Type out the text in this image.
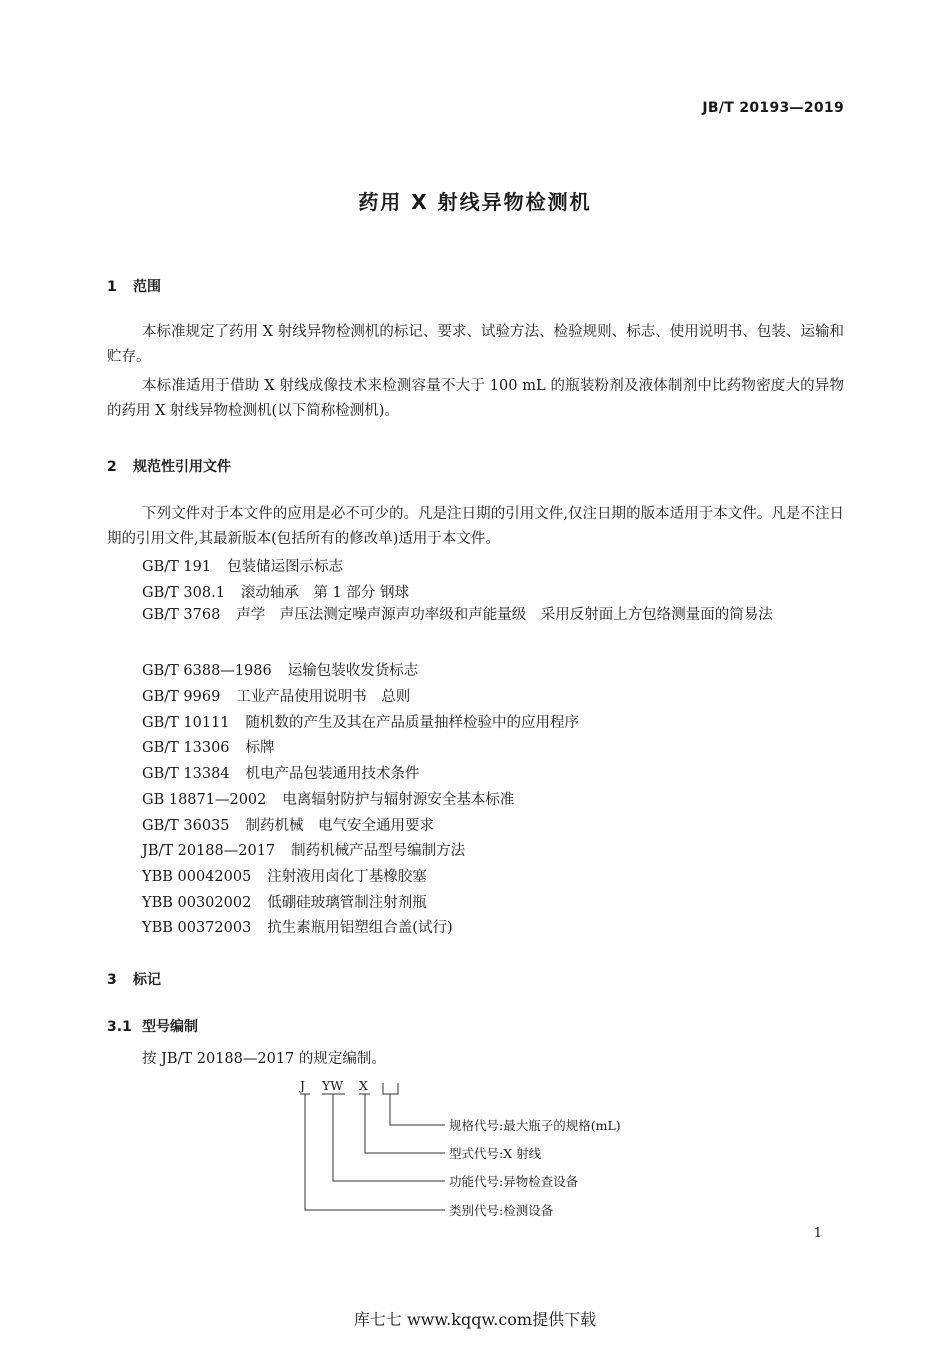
JB/T 20193—2019
药用 X 射线异物检测机
1 范围
本标准规定了药用 X 射线异物检测机的标记、要求、试验方法、检验规则、标志、使用说明书、包装、运输和贮存。
本标准适用于借助 X 射线成像技术来检测容量不大于 100 mL 的瓶装粉剂及液体制剂中比药物密度大的异物的药用 X 射线异物检测机(以下简称检测机)。
2 规范性引用文件
下列文件对于本文件的应用是必不可少的。凡是注日期的引用文件,仅注日期的版本适用于本文件。凡是不注日期的引用文件,其最新版本(包括所有的修改单)适用于本文件。
GB/T 191 包装储运图示标志
GB/T 308.1 滚动轴承　第 1 部分 钢球
GB/T 3768 声学　声压法测定噪声源声功率级和声能量级　采用反射面上方包络测量面的简易法
GB/T 6388—1986 运输包装收发货标志
GB/T 9969 工业产品使用说明书　总则
GB/T 10111 随机数的产生及其在产品质量抽样检验中的应用程序
GB/T 13306 标牌
GB/T 13384 机电产品包装通用技术条件
GB 18871—2002 电离辐射防护与辐射源安全基本标准
GB/T 36035 制药机械　电气安全通用要求
JB/T 20188—2017 制药机械产品型号编制方法
YBB 00042005 注射液用卤化丁基橡胶塞
YBB 00302002 低硼硅玻璃管制注射剂瓶
YBB 00372003 抗生素瓶用铝塑组合盖(试行)
3 标记
3.1 型号编制
按 JB/T 20188—2017 的规定编制。
J YW X
规格代号:最大瓶子的规格(mL)
型式代号:X 射线
功能代号:异物检查设备
类别代号:检测设备
1
库七七 www.kqqw.com提供下载
